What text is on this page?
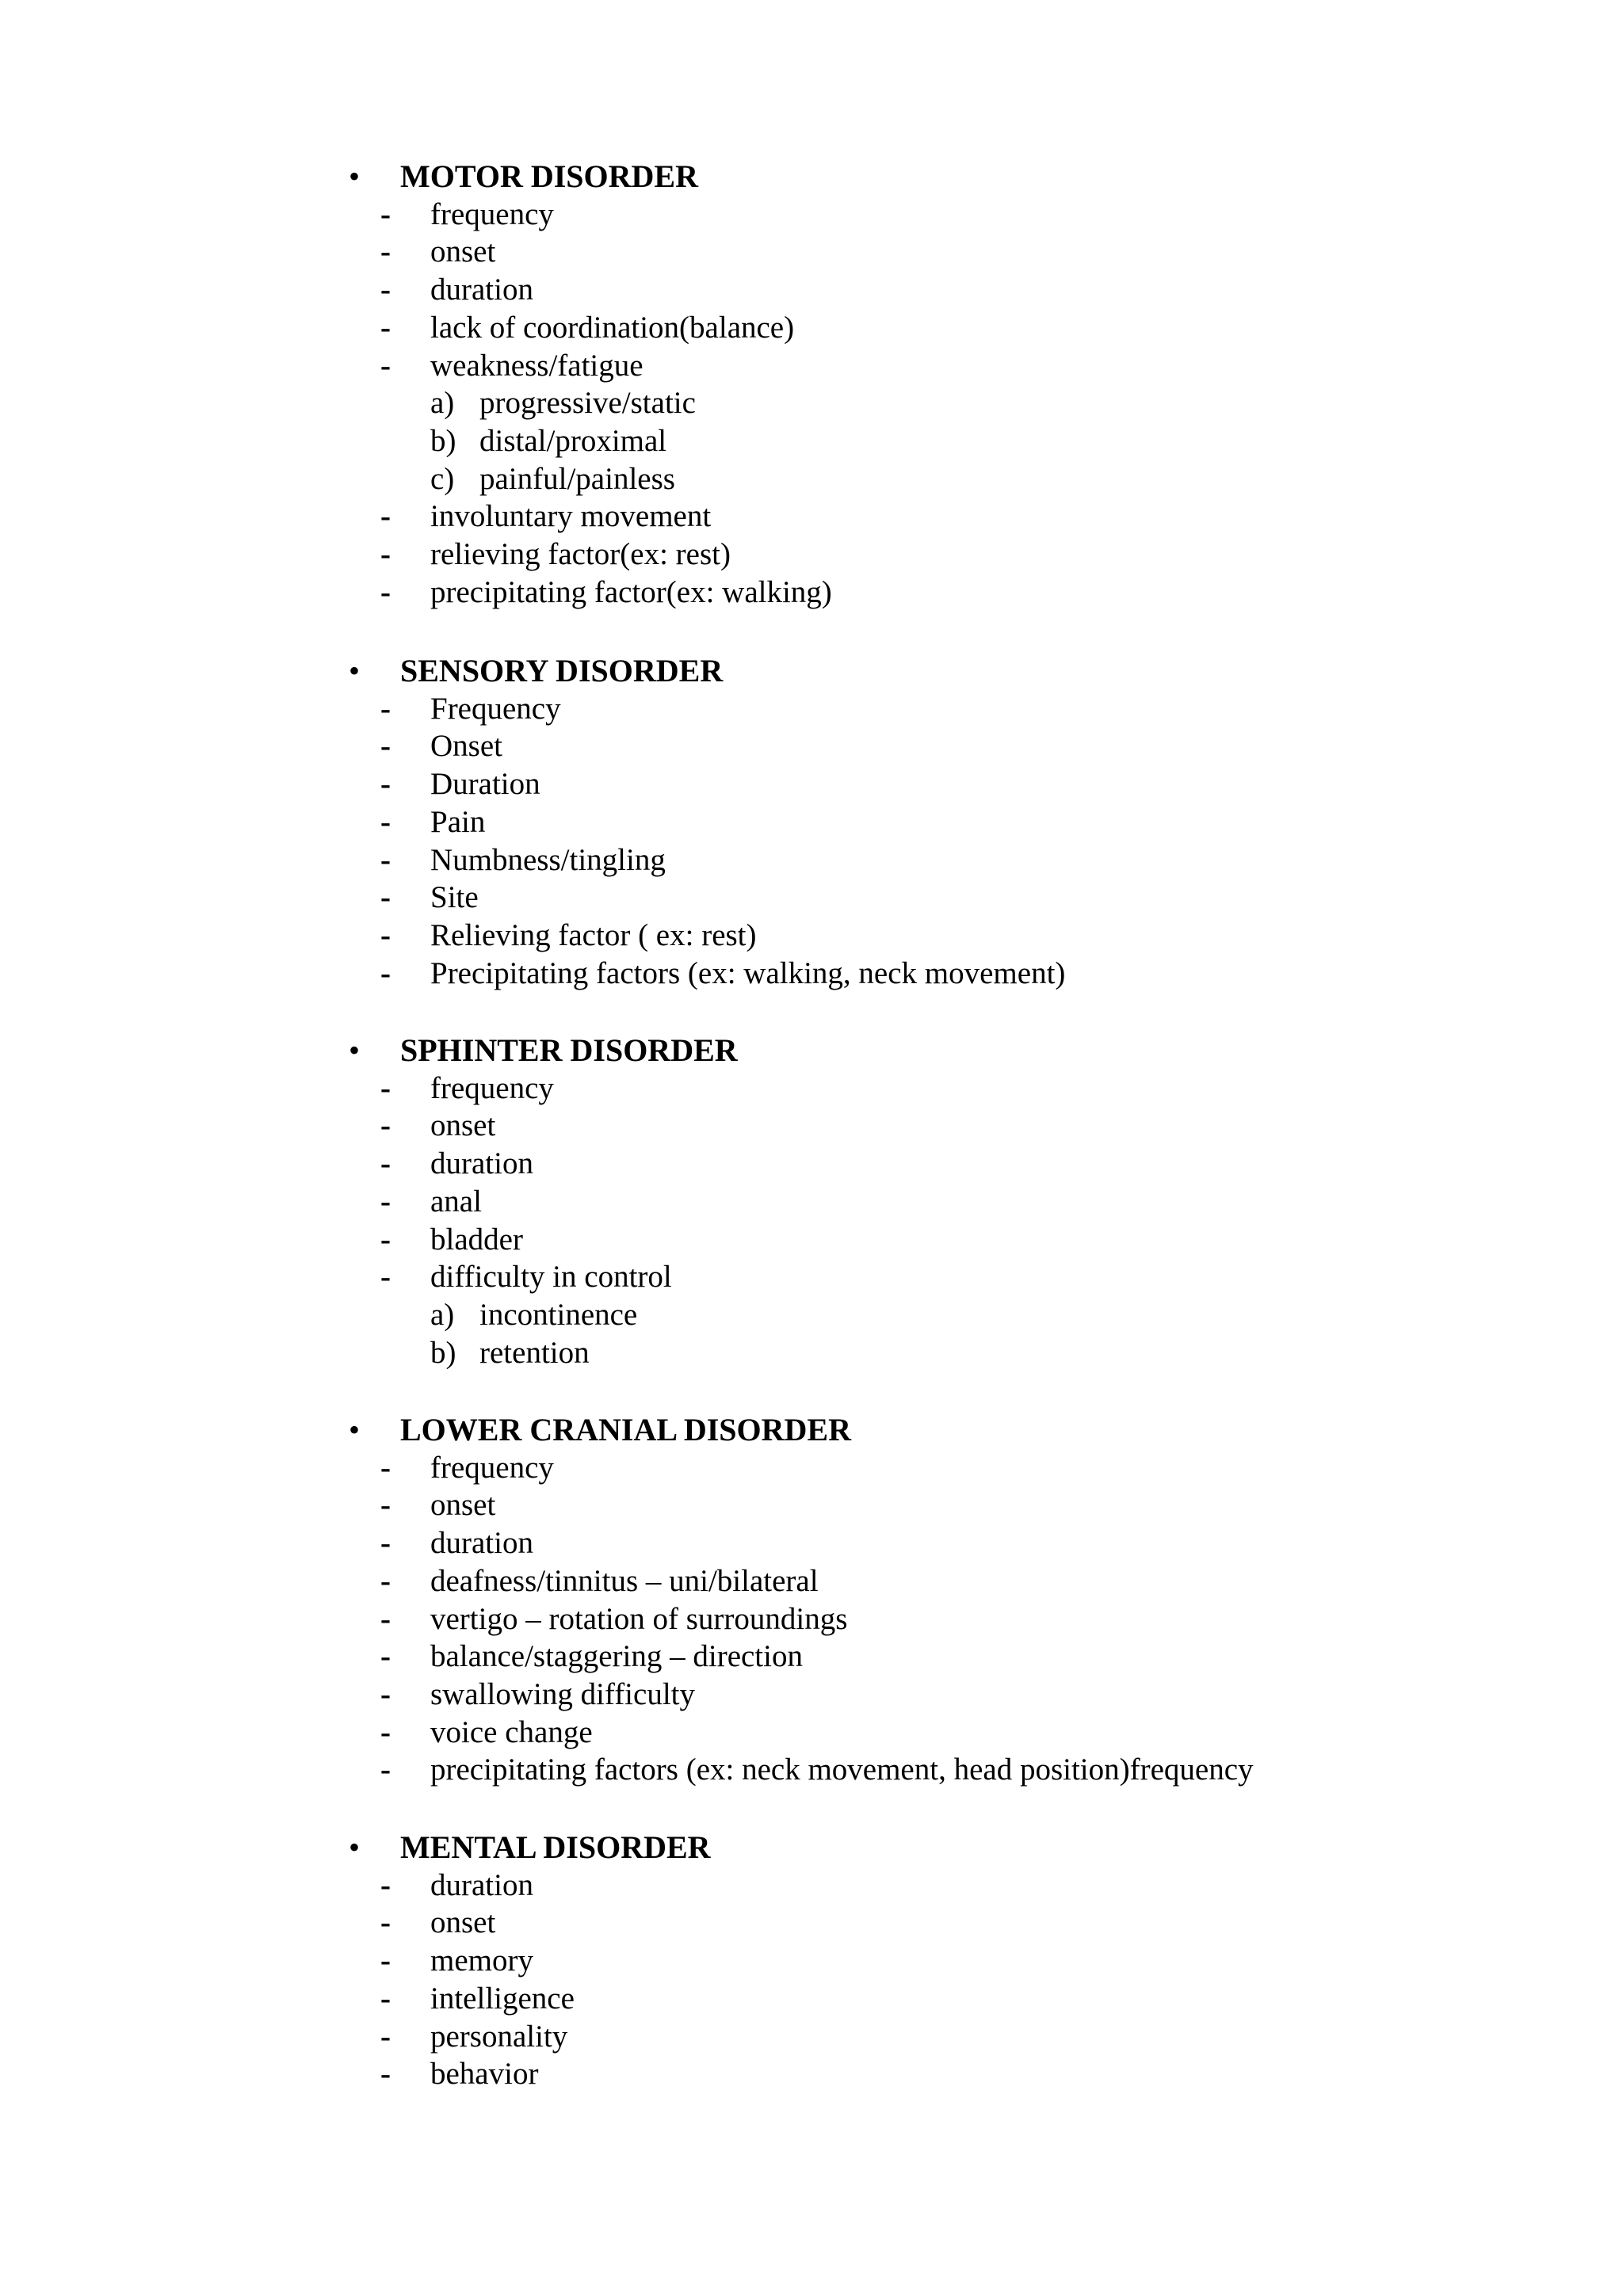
• MOTOR DISORDER
- frequency
- onset
- duration
- lack of coordination(balance)
- weakness/fatigue
a) progressive/static
b) distal/proximal
c) painful/painless
- involuntary movement
- relieving factor(ex: rest)
- precipitating factor(ex: walking)
• SENSORY DISORDER
- Frequency
- Onset
- Duration
- Pain
- Numbness/tingling
- Site
- Relieving factor ( ex: rest)
- Precipitating factors (ex: walking, neck movement)
• SPHINTER DISORDER
- frequency
- onset
- duration
- anal
- bladder
- difficulty in control
a) incontinence
b) retention
• LOWER CRANIAL DISORDER
- frequency
- onset
- duration
- deafness/tinnitus – uni/bilateral
- vertigo – rotation of surroundings
- balance/staggering – direction
- swallowing difficulty
- voice change
- precipitating factors (ex: neck movement, head position)frequency
• MENTAL DISORDER
- duration
- onset
- memory
- intelligence
- personality
- behavior
